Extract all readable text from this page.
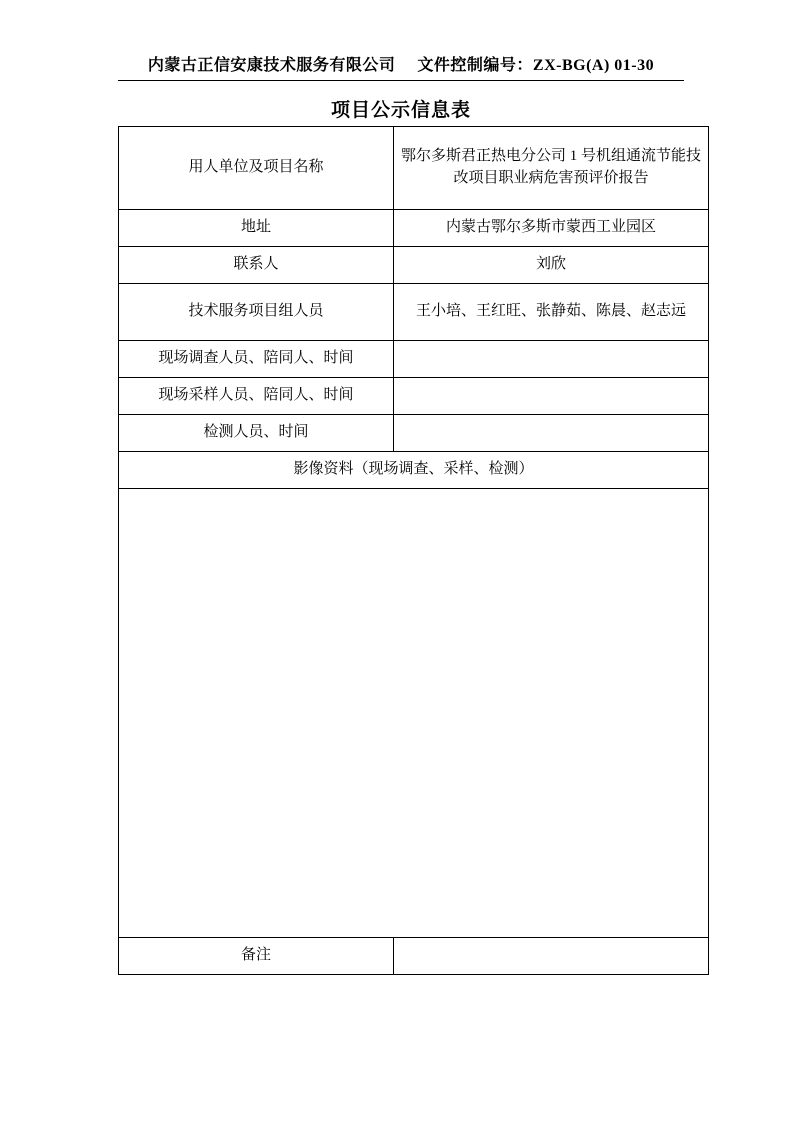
内蒙古正信安康技术服务有限公司 文件控制编号：ZX-BG(A) 01-30
项目公示信息表
用人单位及项目名称	鄂尔多斯君正热电分公司 1 号机组通流节能技改项目职业病危害预评价报告
地址	内蒙古鄂尔多斯市蒙西工业园区
联系人	刘欣
技术服务项目组人员	王小培、王红旺、张静茹、陈晨、赵志远
现场调查人员、陪同人、时间	
现场采样人员、陪同人、时间	
检测人员、时间	
影像资料（现场调查、采样、检测）	

备注	
